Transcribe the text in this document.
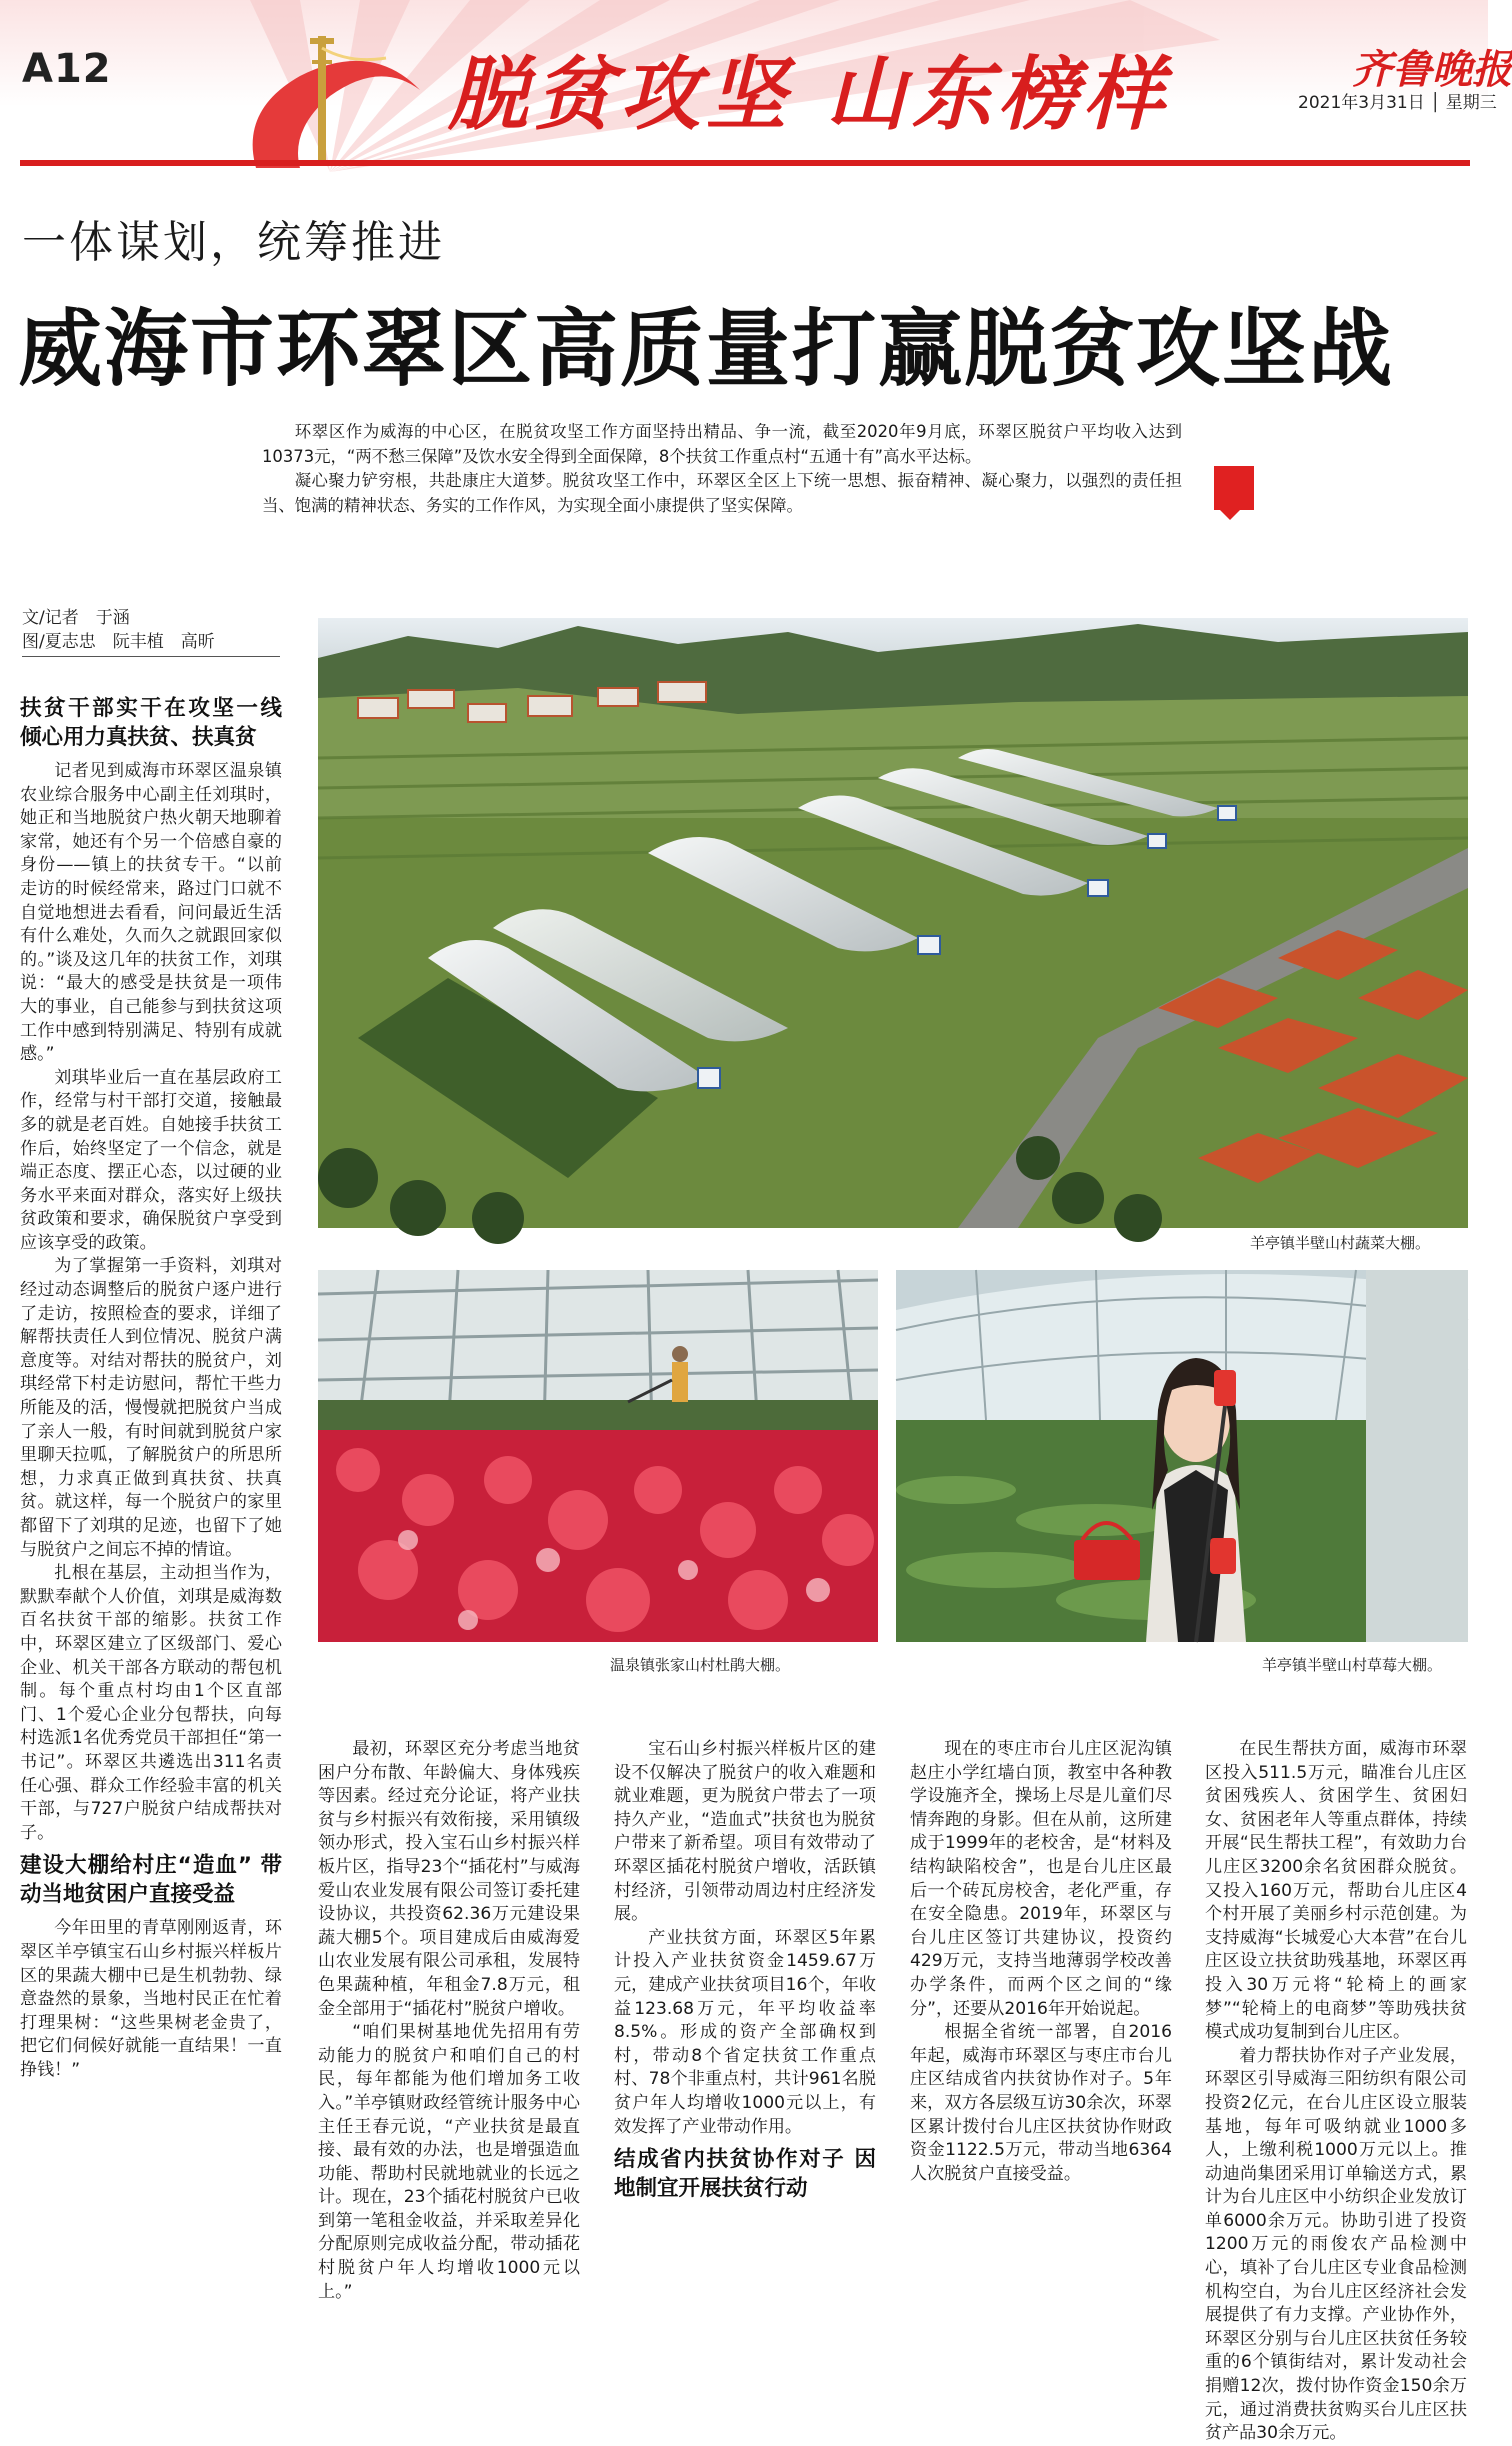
A12	脱贫攻坚 山东榜样	齐鲁晚报
2021年3月31日 │ 星期三
一体谋划，统筹推进
威海市环翠区高质量打赢脱贫攻坚战

环翠区作为威海的中心区，在脱贫攻坚工作方面坚持出精品、争一流，截至2020年9月底，环翠区脱贫户平均收入达到10373元，“两不愁三保障”及饮水安全得到全面保障，8个扶贫工作重点村“五通十有”高水平达标。

凝心聚力铲穷根，共赴康庄大道梦。脱贫攻坚工作中，环翠区全区上下统一思想、振奋精神、凝心聚力，以强烈的责任担当、饱满的精神状态、务实的工作作风，为实现全面小康提供了坚实保障。

文/记者　于涵
图/夏志忠　阮丰植　高昕
羊亭镇半壁山村蔬菜大棚。
温泉镇张家山村杜鹃大棚。	羊亭镇半壁山村草莓大棚。
扶贫干部实干在攻坚一线 倾心用力真扶贫、扶真贫

记者见到威海市环翠区温泉镇农业综合服务中心副主任刘琪时，她正和当地脱贫户热火朝天地聊着家常，她还有个另一个倍感自豪的身份——镇上的扶贫专干。“以前走访的时候经常来，路过门口就不自觉地想进去看看，问问最近生活有什么难处，久而久之就跟回家似的。”谈及这几年的扶贫工作，刘琪说：“最大的感受是扶贫是一项伟大的事业，自己能参与到扶贫这项工作中感到特别满足、特别有成就感。”

刘琪毕业后一直在基层政府工作，经常与村干部打交道，接触最多的就是老百姓。自她接手扶贫工作后，始终坚定了一个信念，就是端正态度、摆正心态，以过硬的业务水平来面对群众，落实好上级扶贫政策和要求，确保脱贫户享受到应该享受的政策。

为了掌握第一手资料，刘琪对经过动态调整后的脱贫户逐户进行了走访，按照检查的要求，详细了解帮扶责任人到位情况、脱贫户满意度等。对结对帮扶的脱贫户，刘琪经常下村走访慰问，帮忙干些力所能及的活，慢慢就把脱贫户当成了亲人一般，有时间就到脱贫户家里聊天拉呱，了解脱贫户的所思所想，力求真正做到真扶贫、扶真贫。就这样，每一个脱贫户的家里都留下了刘琪的足迹，也留下了她与脱贫户之间忘不掉的情谊。

扎根在基层，主动担当作为，默默奉献个人价值，刘琪是威海数百名扶贫干部的缩影。扶贫工作中，环翠区建立了区级部门、爱心企业、机关干部各方联动的帮包机制。每个重点村均由1个区直部门、1个爱心企业分包帮扶，向每村选派1名优秀党员干部担任“第一书记”。环翠区共遴选出311名责任心强、群众工作经验丰富的机关干部，与727户脱贫户结成帮扶对子。

建设大棚给村庄“造血” 带动当地贫困户直接受益

今年田里的青草刚刚返青，环翠区羊亭镇宝石山乡村振兴样板片区的果蔬大棚中已是生机勃勃、绿意盎然的景象，当地村民正在忙着打理果树：“这些果树老金贵了，把它们伺候好就能一直结果！一直挣钱！”

最初，环翠区充分考虑当地贫困户分布散、年龄偏大、身体残疾等因素。经过充分论证，将产业扶贫与乡村振兴有效衔接，采用镇级领办形式，投入宝石山乡村振兴样板片区，指导23个“插花村”与威海爱山农业发展有限公司签订委托建设协议，共投资62.36万元建设果蔬大棚5个。项目建成后由威海爱山农业发展有限公司承租，发展特色果蔬种植，年租金7.8万元，租金全部用于“插花村”脱贫户增收。

“咱们果树基地优先招用有劳动能力的脱贫户和咱们自己的村民，每年都能为他们增加务工收入。”羊亭镇财政经管统计服务中心主任王春元说，“产业扶贫是最直接、最有效的办法，也是增强造血功能、帮助村民就地就业的长远之计。现在，23个插花村脱贫户已收到第一笔租金收益，并采取差异化分配原则完成收益分配，带动插花村脱贫户年人均增收1000元以上。”

宝石山乡村振兴样板片区的建设不仅解决了脱贫户的收入难题和就业难题，更为脱贫户带去了一项持久产业，“造血式”扶贫也为脱贫户带来了新希望。项目有效带动了环翠区插花村脱贫户增收，活跃镇村经济，引领带动周边村庄经济发展。

产业扶贫方面，环翠区5年累计投入产业扶贫资金1459.67万元，建成产业扶贫项目16个，年收益123.68万元，年平均收益率8.5%。形成的资产全部确权到村，带动8个省定扶贫工作重点村、78个非重点村，共计961名脱贫户年人均增收1000元以上，有效发挥了产业带动作用。

结成省内扶贫协作对子 因地制宜开展扶贫行动

现在的枣庄市台儿庄区泥沟镇赵庄小学红墙白顶，教室中各种教学设施齐全，操场上尽是儿童们尽情奔跑的身影。但在从前，这所建成于1999年的老校舍，是“材料及结构缺陷校舍”，也是台儿庄区最后一个砖瓦房校舍，老化严重，存在安全隐患。2019年，环翠区与台儿庄区签订共建协议，投资约429万元，支持当地薄弱学校改善办学条件，而两个区之间的“缘分”，还要从2016年开始说起。

根据全省统一部署，自2016年起，威海市环翠区与枣庄市台儿庄区结成省内扶贫协作对子。5年来，双方各层级互访30余次，环翠区累计拨付台儿庄区扶贫协作财政资金1122.5万元，带动当地6364人次脱贫户直接受益。

在民生帮扶方面，威海市环翠区投入511.5万元，瞄准台儿庄区贫困残疾人、贫困学生、贫困妇女、贫困老年人等重点群体，持续开展“民生帮扶工程”，有效助力台儿庄区3200余名贫困群众脱贫。又投入160万元，帮助台儿庄区4个村开展了美丽乡村示范创建。为支持威海“长城爱心大本营”在台儿庄区设立扶贫助残基地，环翠区再投入30万元将“轮椅上的画家梦”“轮椅上的电商梦”等助残扶贫模式成功复制到台儿庄区。

着力帮扶协作对子产业发展，环翠区引导威海三阳纺织有限公司投资2亿元，在台儿庄区设立服装基地，每年可吸纳就业1000多人，上缴利税1000万元以上。推动迪尚集团采用订单输送方式，累计为台儿庄区中小纺织企业发放订单6000余万元。协助引进了投资1200万元的雨俊农产品检测中心，填补了台儿庄区专业食品检测机构空白，为台儿庄区经济社会发展提供了有力支撑。产业协作外，环翠区分别与台儿庄区扶贫任务较重的6个镇街结对，累计发动社会捐赠12次，拨付协作资金150余万元，通过消费扶贫购买台儿庄区扶贫产品30余万元。
